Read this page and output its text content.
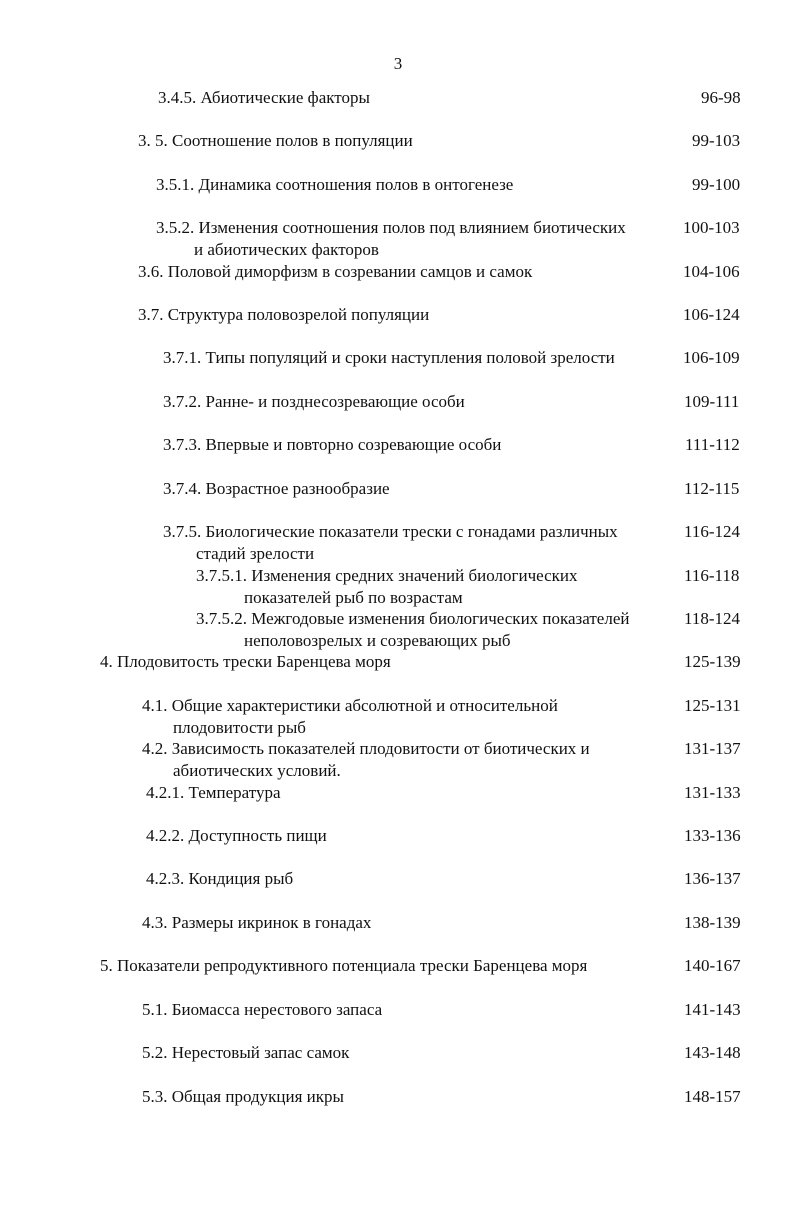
3
3.4.5. Абиотические факторы	96-98
3. 5. Соотношение полов в популяции	99-103
3.5.1. Динамика соотношения полов в онтогенезе	99-100
3.5.2. Изменения соотношения полов под влиянием биотических
и абиотических факторов
100-103
3.6. Половой диморфизм в созревании самцов и самок	104-106
3.7. Структура половозрелой популяции	106-124
3.7.1. Типы популяций и сроки наступления половой зрелости	106-109
3.7.2. Ранне- и позднесозревающие особи	109-111
3.7.3. Впервые и повторно созревающие особи	111-112
3.7.4. Возрастное разнообразие	112-115
3.7.5. Биологические показатели трески с гонадами различных
стадий зрелости
116-124
3.7.5.1. Изменения средних значений биологических
показателей рыб по возрастам
116-118
3.7.5.2. Межгодовые изменения биологических показателей
неполовозрелых и созревающих рыб
118-124
4. Плодовитость трески Баренцева моря	125-139
4.1. Общие характеристики абсолютной и относительной
плодовитости рыб
125-131
4.2. Зависимость показателей плодовитости от биотических и
абиотических условий.
131-137
4.2.1. Температура	131-133
4.2.2. Доступность пищи	133-136
4.2.3. Кондиция рыб	136-137
4.3. Размеры икринок в гонадах	138-139
5. Показатели репродуктивного потенциала трески Баренцева моря	140-167
5.1. Биомасса нерестового запаса	141-143
5.2. Нерестовый запас самок	143-148
5.3. Общая продукция икры	148-157
